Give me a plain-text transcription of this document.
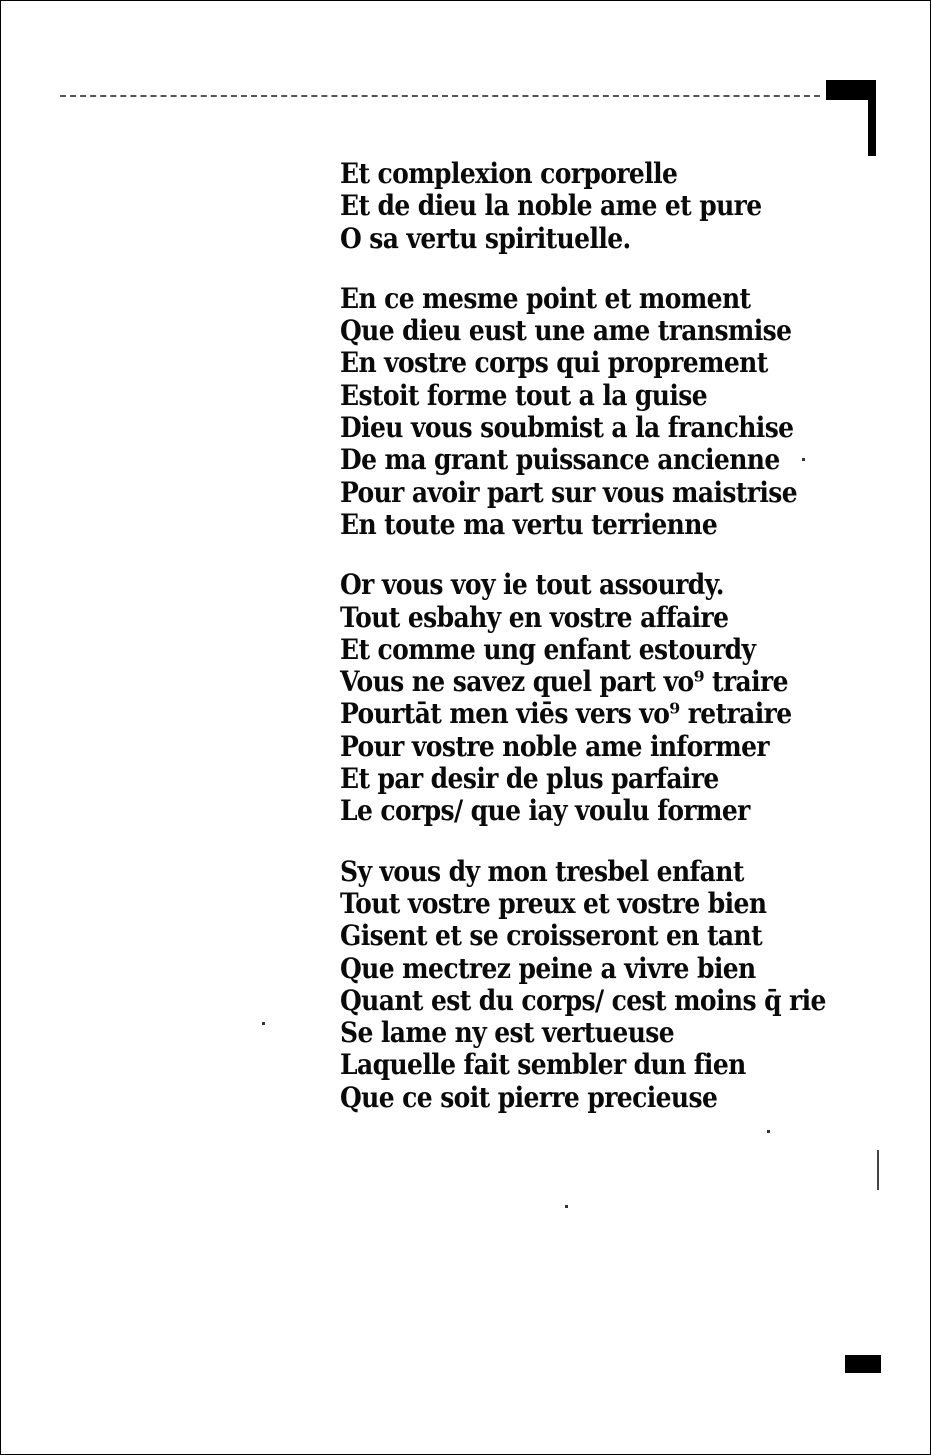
Et complexion corporelle
Et de dieu la noble ame et pure
O sa vertu spirituelle.
En ce mesme point et moment
Que dieu eust une ame transmise
En vostre corps qui proprement
Estoit forme tout a la guise
Dieu vous soubmist a la franchise
De ma grant puissance ancienne
Pour avoir part sur vous maistrise
En toute ma vertu terrienne
Or vous voy ie tout assourdy.
Tout esbahy en vostre affaire
Et comme ung enfant estourdy
Vous ne savez quel part vo⁹ traire
Pourtāt men viēs vers vo⁹ retraire
Pour vostre noble ame informer
Et par desir de plus parfaire
Le corps/ que iay voulu former
Sy vous dy mon tresbel enfant
Tout vostre preux et vostre bien
Gisent et se croisseront en tant
Que mectrez peine a vivre bien
Quant est du corps/ cest moins q̄ rie
Se lame ny est vertueuse
Laquelle fait sembler dun fien
Que ce soit pierre precieuse
